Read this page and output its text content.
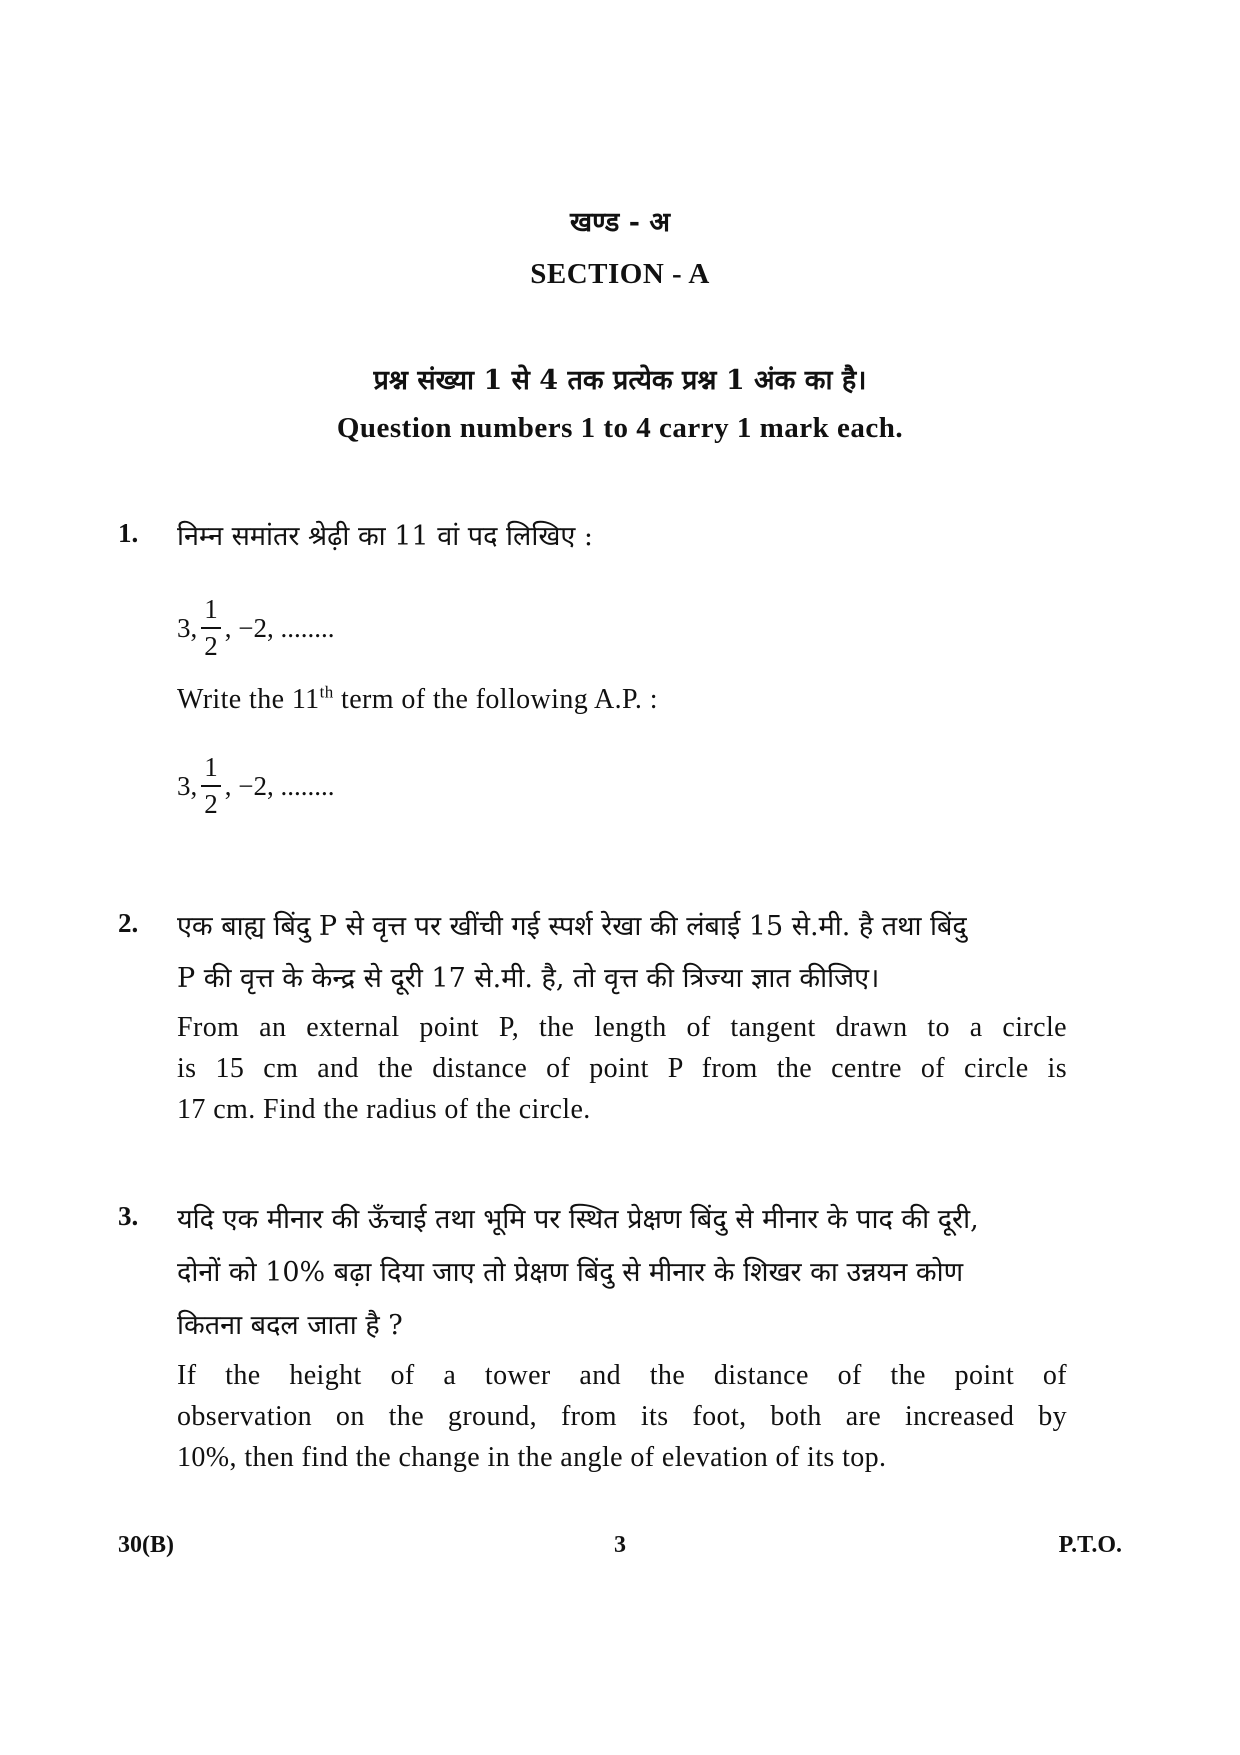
खण्ड - अ
SECTION - A
प्रश्न संख्या 1 से 4 तक प्रत्येक प्रश्न 1 अंक का है।
Question numbers 1 to 4 carry 1 mark each.
1. निम्न समांतर श्रेढ़ी का 11 वां पद लिखिए :
3, $\frac{1}{2}$ , −2, ........
Write the 11th term of the following A.P. :
3, $\frac{1}{2}$ , −2, ........
2. एक बाह्य बिंदु P से वृत्त पर खींची गई स्पर्श रेखा की लंबाई 15 से.मी. है तथा बिंदु
P की वृत्त के केन्द्र से दूरी 17 से.मी. है, तो वृत्त की त्रिज्या ज्ञात कीजिए।
From an external point P, the length of tangent drawn to a circle
is 15 cm and the distance of point P from the centre of circle is
17 cm. Find the radius of the circle.
3. यदि एक मीनार की ऊँचाई तथा भूमि पर स्थित प्रेक्षण बिंदु से मीनार के पाद की दूरी,
दोनों को 10% बढ़ा दिया जाए तो प्रेक्षण बिंदु से मीनार के शिखर का उन्नयन कोण
कितना बदल जाता है ?
If the height of a tower and the distance of the point of
observation on the ground, from its foot, both are increased by
10%, then find the change in the angle of elevation of its top.
30(B)	3	P.T.O.
